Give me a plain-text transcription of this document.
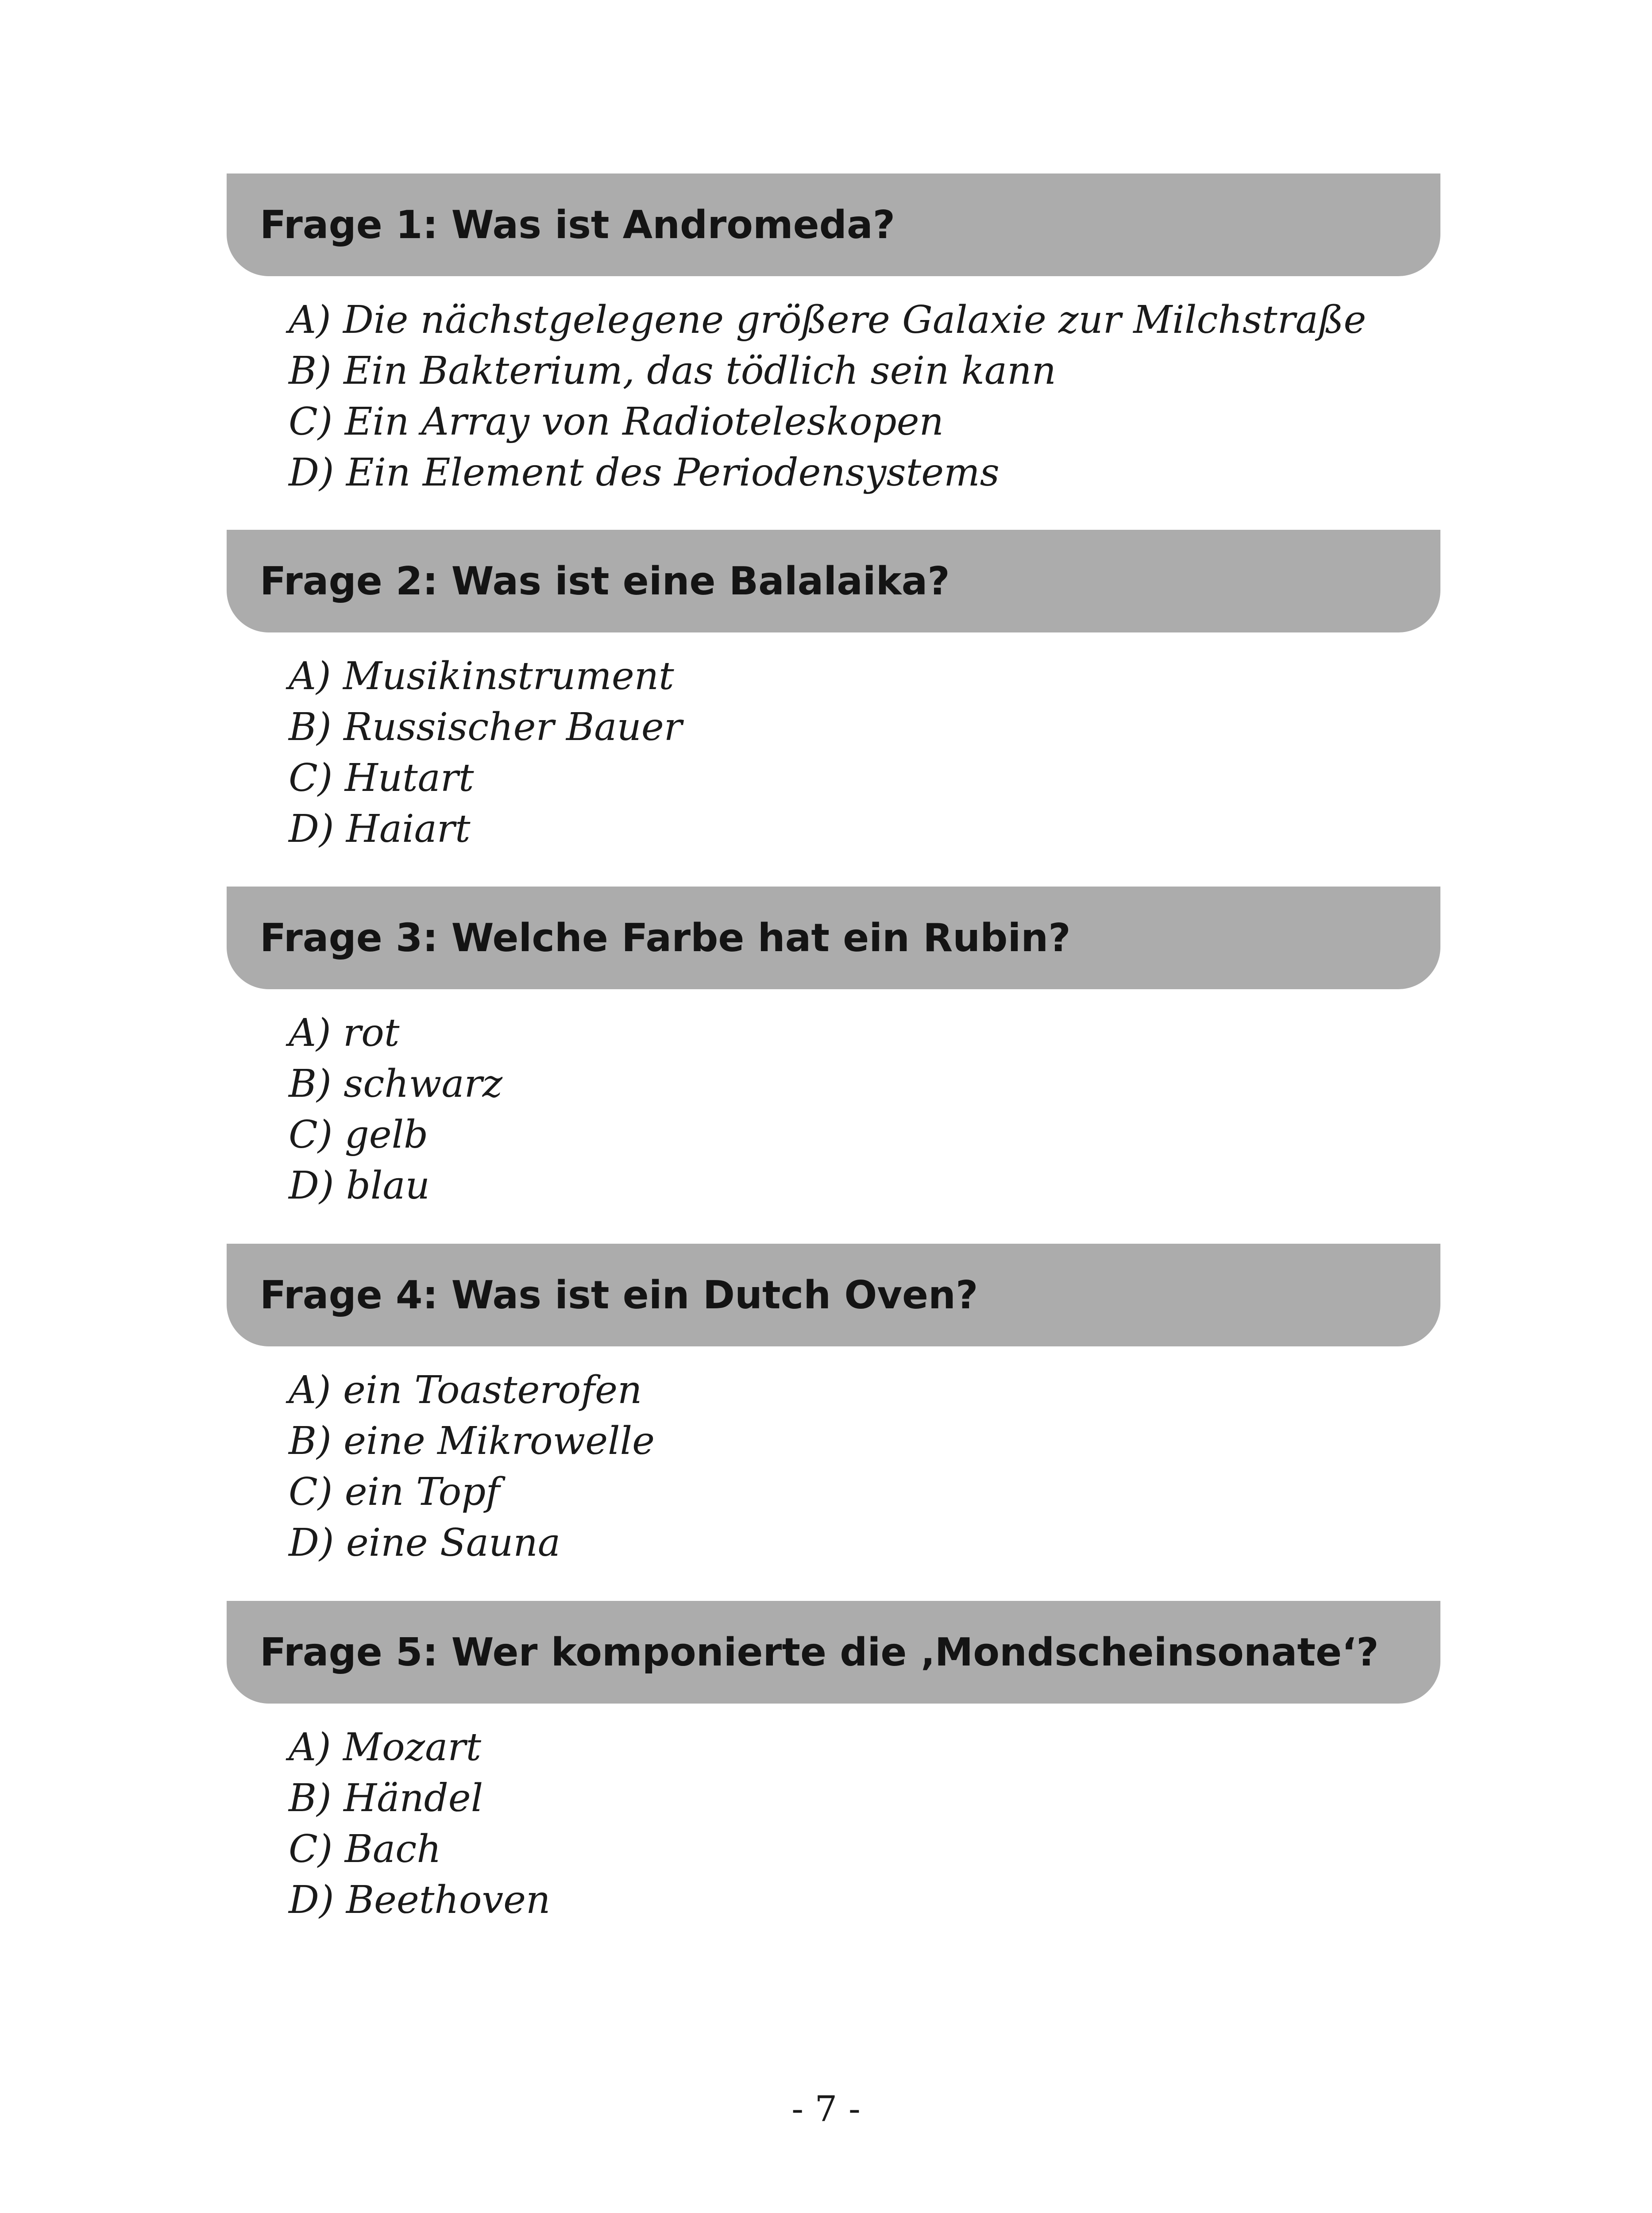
Frage 1: Was ist Andromeda?
A) Die nächstgelegene größere Galaxie zur Milchstraße
B) Ein Bakterium, das tödlich sein kann
C) Ein Array von Radioteleskopen
D) Ein Element des Periodensystems
Frage 2: Was ist eine Balalaika?
A) Musikinstrument
B) Russischer Bauer
C) Hutart
D) Haiart
Frage 3: Welche Farbe hat ein Rubin?
A) rot
B) schwarz
C) gelb
D) blau
Frage 4: Was ist ein Dutch Oven?
A) ein Toasterofen
B) eine Mikrowelle
C) ein Topf
D) eine Sauna
Frage 5: Wer komponierte die ‚Mondscheinsonate‘?
A) Mozart
B) Händel
C) Bach
D) Beethoven
- 7 -
